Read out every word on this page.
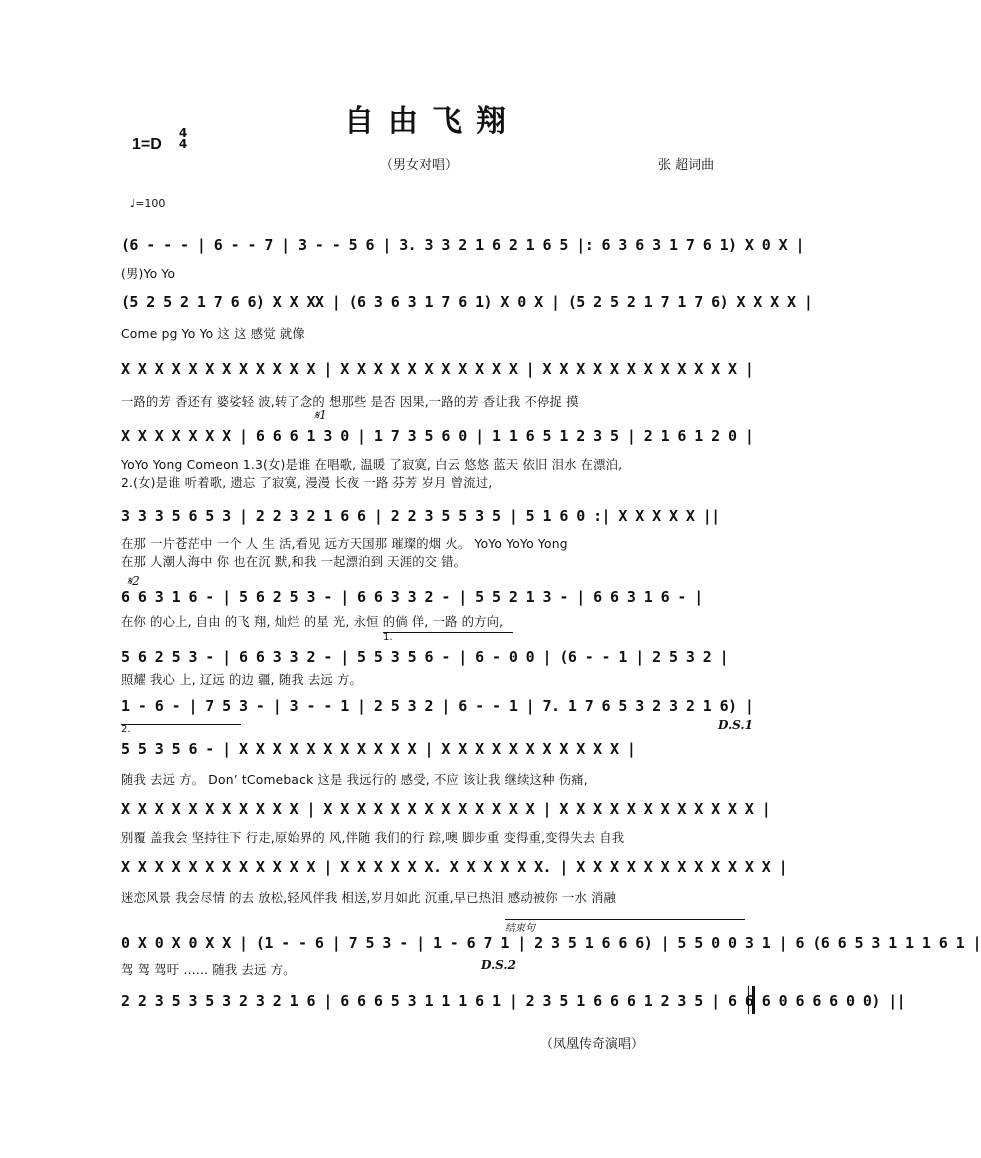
自由飞翔
1=D
4
4
（男女对唱）	张 超词曲
♩=100
(6 - - - | 6 - - 7 | 3 - - 5 6 | 3. 3 3 2 1 6 2 1 6 5 |: 6 3 6 3 1 7 6 1) X 0 X |
(男)Yo Yo
(5 2 5 2 1 7 6 6) X X XX | (6 3 6 3 1 7 6 1) X 0 X | (5 2 5 2 1 7 1 7 6) X X X X |
Come pg Yo Yo 这 这 感觉 就像
X X X X X X X X X X X X | X X X X X X X X X X X | X X X X X X X X X X X X |
一路的芳 香还有 婆娑轻 波,转了念的 想那些 是否 因果,一路的芳 香让我 不停捉 摸
𝄋1
X X X X X X X | 6 6 6 1 3 0 | 1 7 3 5 6 0 | 1 1 6 5 1 2 3 5 | 2 1 6 1 2 0 |
YoYo Yong Comeon 1.3(女)是谁 在唱歌, 温暖 了寂寞, 白云 悠悠 蓝天 依旧 泪水 在漂泊,
2.(女)是谁 听着歌, 遗忘 了寂寞, 漫漫 长夜 一路 芬芳 岁月 曾流过,
3 3 3 5 6 5 3 | 2 2 3 2 1 6 6 | 2 2 3 5 5 3 5 | 5 1 6 0 :| X X X X X ||
在那 一片苍茫中 一个 人 生 活,看见 远方天国那 璀璨的烟 火。 YoYo YoYo Yong
在那 人潮人海中 你 也在沉 默,和我 一起漂泊到 天涯的交 错。
𝄋2
6 6 3 1 6 - | 5 6 2 5 3 - | 6 6 3 3 2 - | 5 5 2 1 3 - | 6 6 3 1 6 - |
在你 的心上, 自由 的飞 翔, 灿烂 的星 光, 永恒 的倘 佯, 一路 的方向,
1.
5 6 2 5 3 - | 6 6 3 3 2 - | 5 5 3 5 6 - | 6 - 0 0 | (6 - - 1 | 2 5 3 2 |
照耀 我心 上, 辽远 的边 疆, 随我 去远 方。
1 - 6 - | 7 5 3 - | 3 - - 1 | 2 5 3 2 | 6 - - 1 | 7. 1 7 6 5 3 2 3 2 1 6) |
D.S.1
2.
5 5 3 5 6 - | X X X X X X X X X X X | X X X X X X X X X X X |
随我 去远 方。 Don’ tComeback 这是 我远行的 感受, 不应 该让我 继续这种 伤痛,
X X X X X X X X X X X | X X X X X X X X X X X X X | X X X X X X X X X X X X |
别覆 盖我会 坚持往下 行走,原始界的 风,伴随 我们的行 踪,噢 脚步重 变得重,变得失去 自我
X X X X X X X X X X X X | X X X X X X. X X X X X X. | X X X X X X X X X X X X |
迷恋风景 我会尽情 的去 放松,轻风伴我 相送,岁月如此 沉重,早已热泪 感动被你 一水 消融
结束句
0 X 0 X 0 X X | (1 - - 6 | 7 5 3 - | 1 - 6 7 1 | 2 3 5 1 6 6 6) | 5 5 0 0 3 1 | 6 (6 6 5 3 1 1 1 6 1 |
驾 驾 驾吁 …… 随我 去远 方。	D.S.2
2 2 3 5 3 5 3 2 3 2 1 6 | 6 6 6 5 3 1 1 1 6 1 | 2 3 5 1 6 6 6 1 2 3 5 | 6 6 6 0 6 6 6 0 0) ||
（凤凰传奇演唱）
